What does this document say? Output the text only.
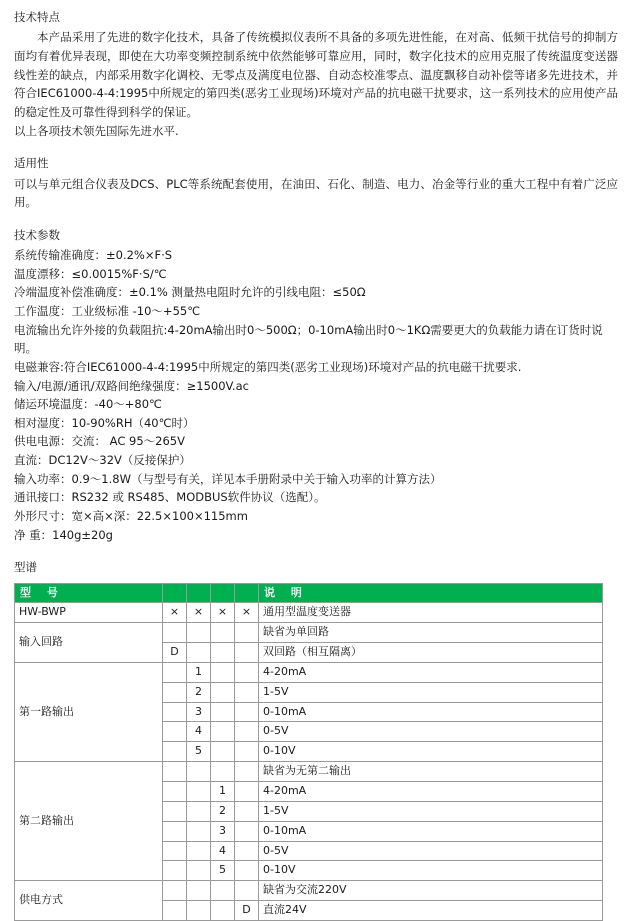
技术特点

本产品采用了先进的数字化技术，具备了传统模拟仪表所不具备的多项先进性能，在对高、低频干扰信号的抑制方面均有着优异表现，即使在大功率变频控制系统中依然能够可靠应用，同时，数字化技术的应用克服了传统温度变送器线性差的缺点，内部采用数字化调校、无零点及满度电位器、自动态校准零点、温度飘移自动补偿等诸多先进技术，并符合IEC61000-4-4:1995中所规定的第四类(恶劣工业现场)环境对产品的抗电磁干扰要求，这一系列技术的应用使产品的稳定性及可靠性得到科学的保证。

以上各项技术领先国际先进水平.

适用性

可以与单元组合仪表及DCS、PLC等系统配套使用，在油田、石化、制造、电力、冶金等行业的重大工程中有着广泛应用。

技术参数

系统传输准确度：±0.2%×F·S

温度漂移：≤0.0015%F·S/℃

冷端温度补偿准确度：±0.1% 测量热电阻时允许的引线电阻：≤50Ω

工作温度：工业级标准 -10～+55℃

电流输出允许外接的负载阻抗:4-20mA输出时0～500Ω；0-10mA输出时0～1KΩ需要更大的负载能力请在订货时说明。

电磁兼容:符合IEC61000-4-4:1995中所规定的第四类(恶劣工业现场)环境对产品的抗电磁干扰要求.

输入/电源/通讯/双路间绝缘强度：≥1500V.ac

储运环境温度：-40～+80℃

相对湿度：10-90%RH（40℃时）

供电电源：交流： AC 95～265V

直流：DC12V～32V（反接保护）

输入功率：0.9～1.8W（与型号有关，详见本手册附录中关于输入功率的计算方法）

通讯接口：RS232 或 RS485、MODBUS软件协议（选配）。

外形尺寸：宽×高×深：22.5×100×115mm

净 重：140g±20g

型谱

型 号					说 明
HW-BWP	×	×	×	×	通用型温度变送器
输入回路					缺省为单回路
	D				双回路（相互隔离）
第一路输出		1			4-20mA
		2			1-5V
		3			0-10mA
		4			0-5V
		5			0-10V
第二路输出					缺省为无第二输出
			1		4-20mA
			2		1-5V
			3		0-10mA
			4		0-5V
			5		0-10V
供电方式					缺省为交流220V
				D	直流24V
